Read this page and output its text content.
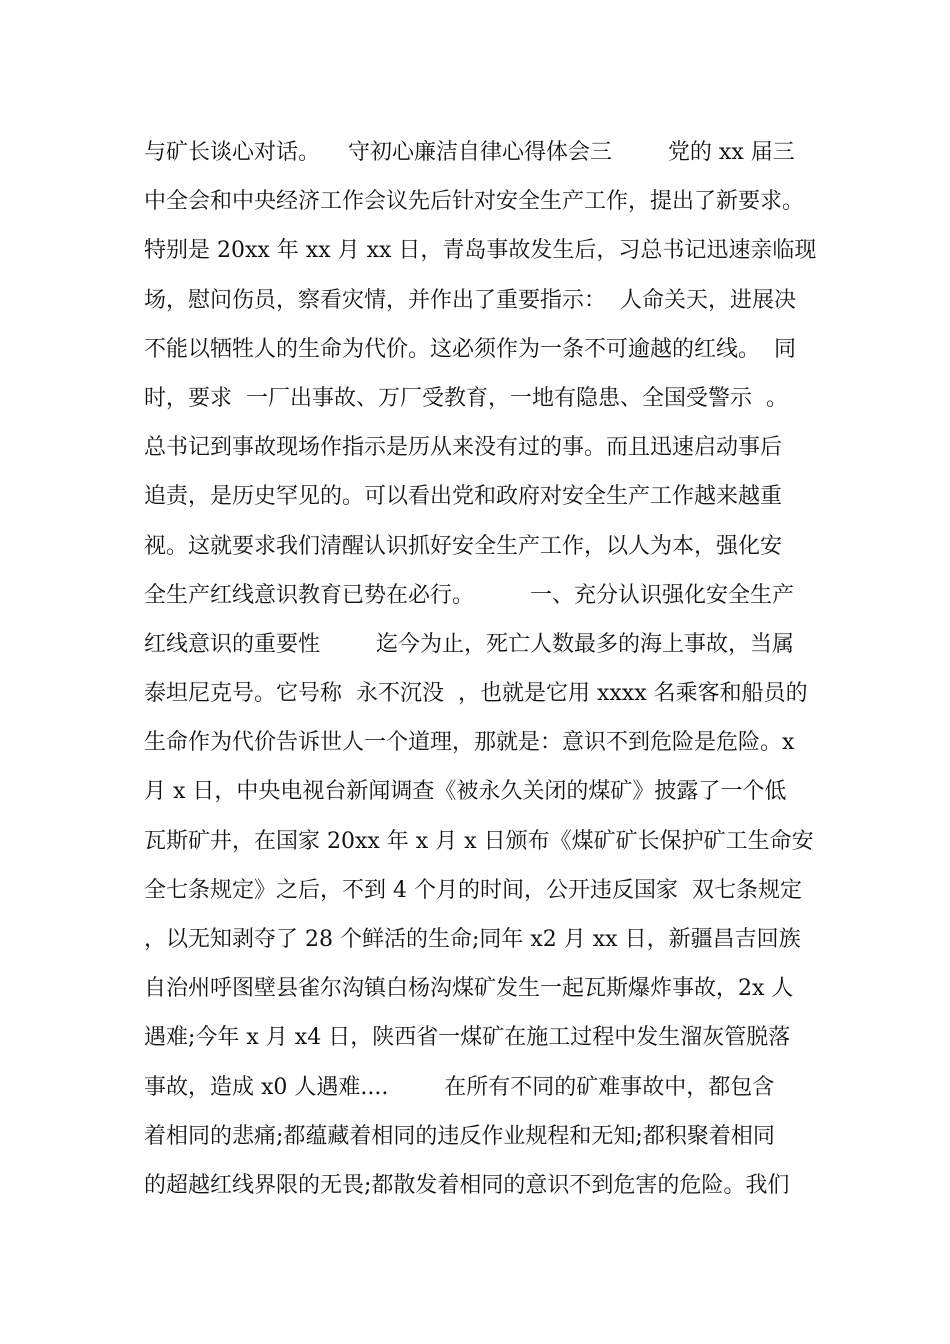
与矿长谈心对话。    守初心廉洁自律心得体会三        党的 xx 届三
中全会和中央经济工作会议先后针对安全生产工作，提出了新要求。
特别是 20xx 年 xx 月 xx 日，青岛事故发生后，习总书记迅速亲临现
场，慰问伤员，察看灾情，并作出了重要指示：  人命关天，进展决
不能以牺牲人的生命为代价。这必须作为一条不可逾越的红线。  同
时，要求  一厂出事故、万厂受教育，一地有隐患、全国受警示  。
总书记到事故现场作指示是历从来没有过的事。而且迅速启动事后
追责，是历史罕见的。可以看出党和政府对安全生产工作越来越重
视。这就要求我们清醒认识抓好安全生产工作，以人为本，强化安
全生产红线意识教育已势在必行。        一、充分认识强化安全生产
红线意识的重要性        迄今为止，死亡人数最多的海上事故，当属
泰坦尼克号。它号称  永不沉没  ，也就是它用 xxxx 名乘客和船员的
生命作为代价告诉世人一个道理，那就是：意识不到危险是危险。x
月 x 日，中央电视台新闻调查《被永久关闭的煤矿》披露了一个低
瓦斯矿井，在国家 20xx 年 x 月 x 日颁布《煤矿矿长保护矿工生命安
全七条规定》之后，不到 4 个月的时间，公开违反国家  双七条规定
，以无知剥夺了 28 个鲜活的生命;同年 x2 月 xx 日，新疆昌吉回族
自治州呼图壁县雀尔沟镇白杨沟煤矿发生一起瓦斯爆炸事故，2x 人
遇难;今年 x 月 x4 日，陕西省一煤矿在施工过程中发生溜灰管脱落
事故，造成 x0 人遇难....        在所有不同的矿难事故中，都包含
着相同的悲痛;都蕴藏着相同的违反作业规程和无知;都积聚着相同
的超越红线界限的无畏;都散发着相同的意识不到危害的危险。我们
